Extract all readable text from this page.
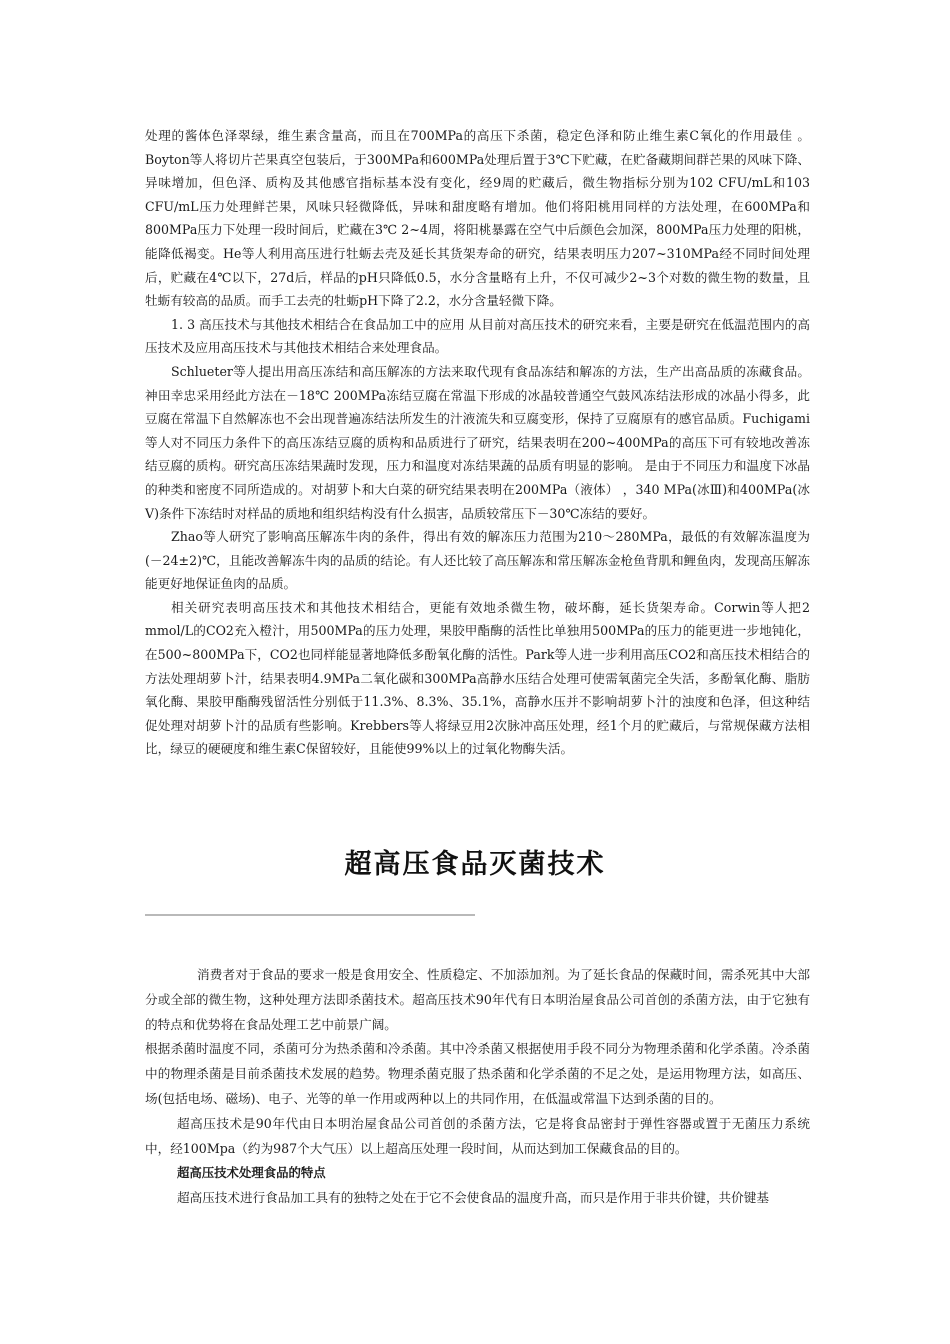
处理的酱体色泽翠绿，维生素含量高，而且在700MPa的高压下杀菌，稳定色泽和防止维生素C氧化的作用最佳 。Boyton等人将切片芒果真空包装后，于300MPa和600MPa处理后置于3℃下贮藏，在贮备藏期间群芒果的风味下降、异味增加，但色泽、质构及其他感官指标基本没有变化，经9周的贮藏后，微生物指标分别为102 CFU/mL和103 CFU/mL压力处理鲜芒果，风味只轻微降低，异味和甜度略有增加。他们将阳桃用同样的方法处理，在600MPa和800MPa压力下处理一段时间后，贮藏在3℃ 2~4周，将阳桃暴露在空气中后颜色会加深，800MPa压力处理的阳桃，能降低褐变。He等人利用高压进行牡蛎去壳及延长其货架寿命的研究，结果表明压力207~310MPa经不同时间处理后，贮藏在4℃以下，27d后，样品的pH只降低0.5，水分含量略有上升，不仅可减少2~3个对数的微生物的数量，且牡蛎有较高的品质。而手工去壳的牡蛎pH下降了2.2，水分含量轻微下降。

1. 3 高压技术与其他技术相结合在食品加工中的应用 从目前对高压技术的研究来看，主要是研究在低温范围内的高压技术及应用高压技术与其他技术相结合来处理食品。

Schlueter等人提出用高压冻结和高压解冻的方法来取代现有食品冻结和解冻的方法，生产出高品质的冻藏食品。神田幸忠采用经此方法在－18℃ 200MPa冻结豆腐在常温下形成的冰晶较普通空气鼓风冻结法形成的冰晶小得多，此豆腐在常温下自然解冻也不会出现普遍冻结法所发生的汁液流失和豆腐变形，保持了豆腐原有的感官品质。Fuchigami等人对不同压力条件下的高压冻结豆腐的质构和品质进行了研究，结果表明在200~400MPa的高压下可有较地改善冻结豆腐的质构。研究高压冻结果蔬时发现，压力和温度对冻结果蔬的品质有明显的影响。 是由于不同压力和温度下冰晶的种类和密度不同所造成的。对胡萝卜和大白菜的研究结果表明在200MPa（液体） ，340 MPa(冰Ⅲ)和400MPa(冰Ⅴ)条件下冻结时对样品的质地和组织结构没有什么损害，品质较常压下－30℃冻结的要好。

Zhao等人研究了影响高压解冻牛肉的条件，得出有效的解冻压力范围为210～280MPa，最低的有效解冻温度为(－24±2)℃，且能改善解冻牛肉的品质的结论。有人还比较了高压解冻和常压解冻金枪鱼背肌和鲤鱼肉，发现高压解冻能更好地保证鱼肉的品质。

相关研究表明高压技术和其他技术相结合，更能有效地杀微生物，破坏酶，延长货架寿命。Corwin等人把2 mmol/L的CO2充入橙汁，用500MPa的压力处理，果胶甲酯酶的活性比单独用500MPa的压力的能更进一步地钝化，在500~800MPa下，CO2也同样能显著地降低多酚氧化酶的活性。Park等人进一步利用高压CO2和高压技术相结合的方法处理胡萝卜汁，结果表明4.9MPa二氧化碳和300MPa高静水压结合处理可使需氧菌完全失活，多酚氧化酶、脂肪氧化酶、果胶甲酯酶残留活性分别低于11.3%、8.3%、35.1%，高静水压并不影响胡萝卜汁的浊度和色泽，但这种结促处理对胡萝卜汁的品质有些影响。Krebbers等人将绿豆用2次脉冲高压处理，经1个月的贮藏后，与常规保藏方法相比，绿豆的硬硬度和维生素C保留较好，且能使99%以上的过氧化物酶失活。

超高压食品灭菌技术

消费者对于食品的要求一般是食用安全、性质稳定、不加添加剂。为了延长食品的保藏时间，需杀死其中大部分或全部的微生物，这种处理方法即杀菌技术。超高压技术90年代有日本明治屋食品公司首创的杀菌方法，由于它独有的特点和优势将在食品处理工艺中前景广阔。

根据杀菌时温度不同，杀菌可分为热杀菌和冷杀菌。其中冷杀菌又根据使用手段不同分为物理杀菌和化学杀菌。冷杀菌中的物理杀菌是目前杀菌技术发展的趋势。物理杀菌克服了热杀菌和化学杀菌的不足之处，是运用物理方法，如高压、场(包括电场、磁场)、电子、光等的单一作用或两种以上的共同作用，在低温或常温下达到杀菌的目的。

超高压技术是90年代由日本明治屋食品公司首创的杀菌方法，它是将食品密封于弹性容器或置于无菌压力系统中，经100Mpa（约为987个大气压）以上超高压处理一段时间，从而达到加工保藏食品的目的。

超高压技术处理食品的特点

超高压技术进行食品加工具有的独特之处在于它不会使食品的温度升高，而只是作用于非共价键，共价键基
